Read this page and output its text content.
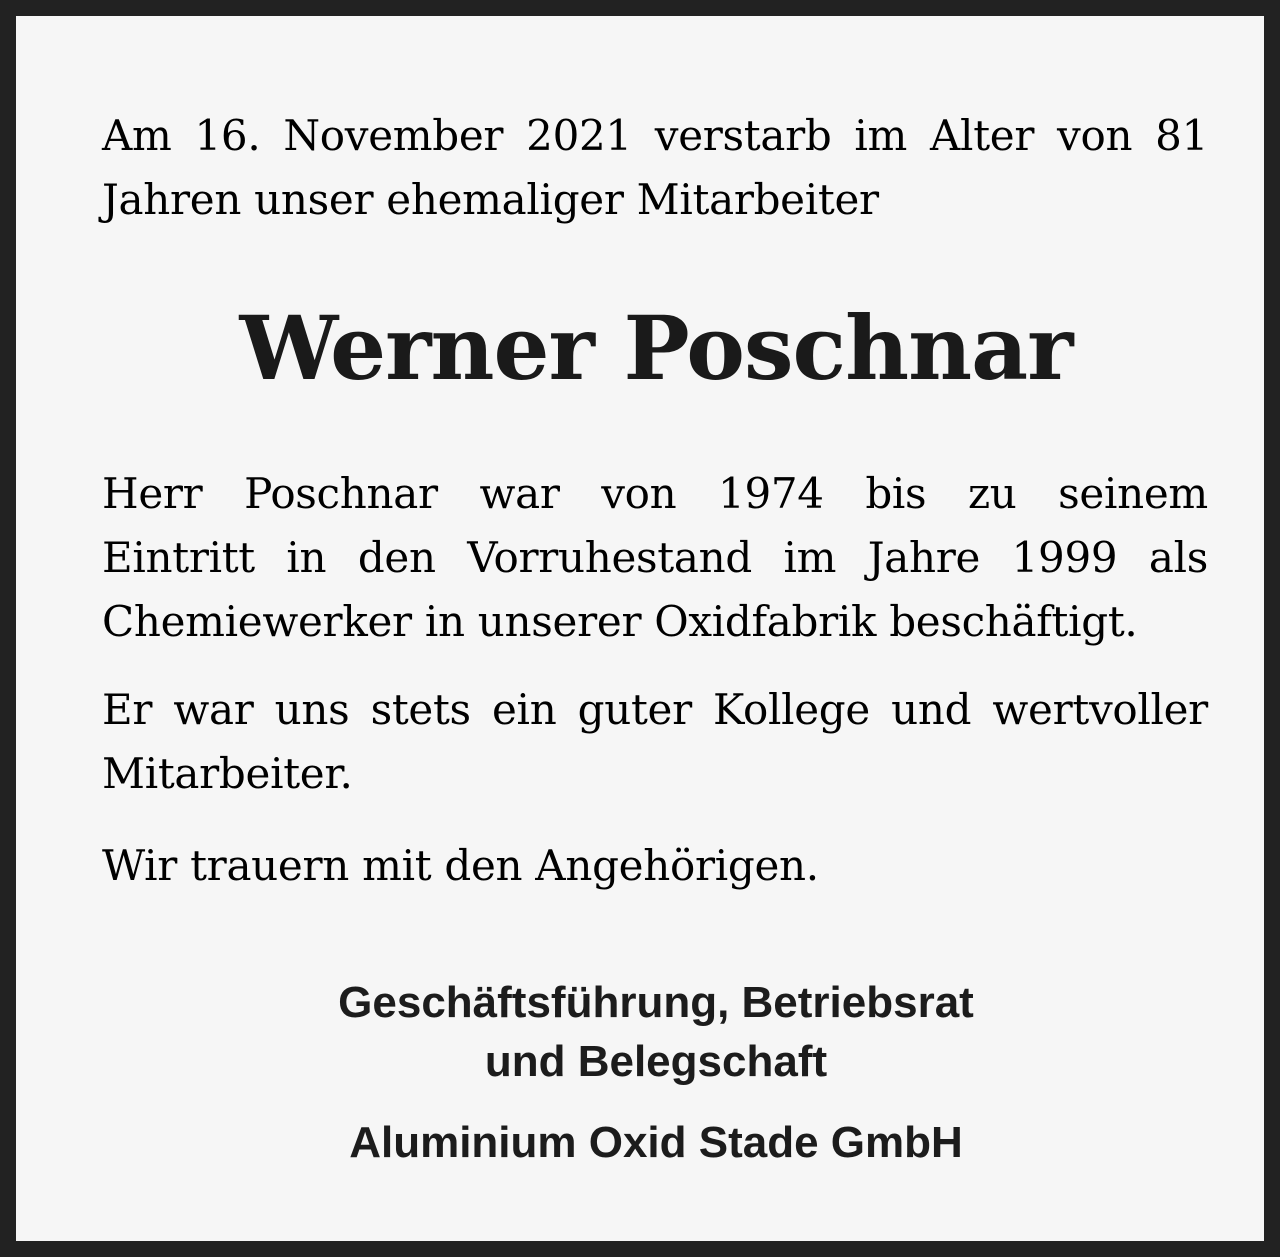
Am 16. November 2021 verstarb im Alter von 81
Jahren unser ehemaliger Mitarbeiter
Werner Poschnar
Herr Poschnar war von 1974 bis zu seinem
Eintritt in den Vorruhestand im Jahre 1999 als
Chemiewerker in unserer Oxidfabrik beschäftigt.
Er war uns stets ein guter Kollege und wertvoller
Mitarbeiter.
Wir trauern mit den Angehörigen.

Geschäftsführung, Betriebsrat

und Belegschaft

Aluminium Oxid Stade GmbH
